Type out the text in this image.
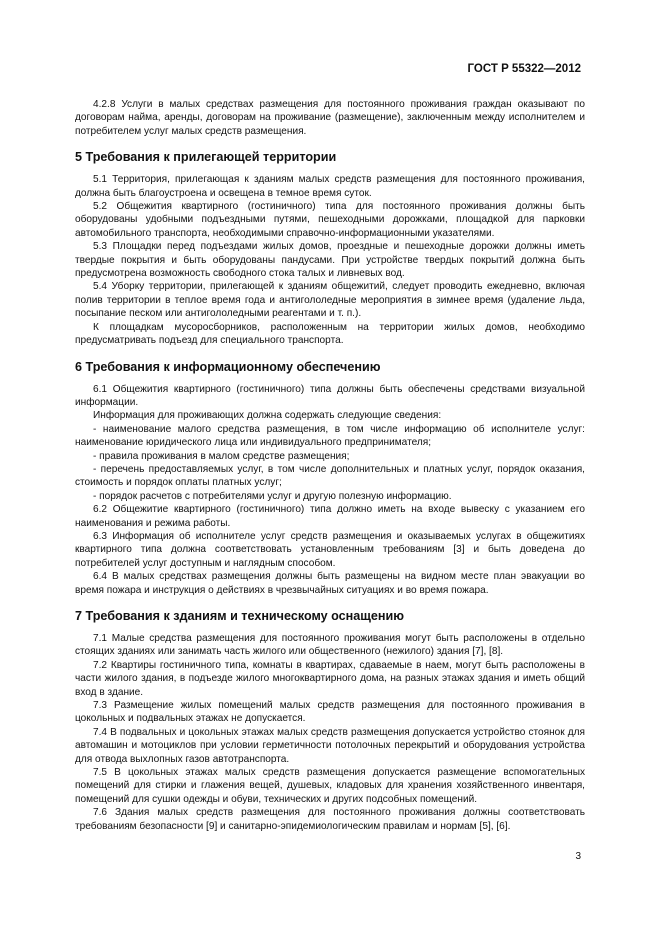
ГОСТ Р 55322—2012

4.2.8 Услуги в малых средствах размещения для постоянного проживания граждан оказывают по договорам найма, аренды, договорам на проживание (размещение), заключенным между исполнителем и потребителем услуг малых средств размещения.

5 Требования к прилегающей территории

5.1 Территория, прилегающая к зданиям малых средств размещения для постоянного проживания, должна быть благоустроена и освещена в темное время суток.

5.2 Общежития квартирного (гостиничного) типа для постоянного проживания должны быть оборудованы удобными подъездными путями, пешеходными дорожками, площадкой для парковки автомобильного транспорта, необходимыми справочно-информационными указателями.

5.3 Площадки перед подъездами жилых домов, проездные и пешеходные дорожки должны иметь твердые покрытия и быть оборудованы пандусами. При устройстве твердых покрытий должна быть предусмотрена возможность свободного стока талых и ливневых вод.

5.4 Уборку территории, прилегающей к зданиям общежитий, следует проводить ежедневно, включая полив территории в теплое время года и антигололедные мероприятия в зимнее время (удаление льда, посыпание песком или антигололедными реагентами и т. п.).

К площадкам мусоросборников, расположенным на территории жилых домов, необходимо предусматривать подъезд для специального транспорта.

6 Требования к информационному обеспечению

6.1 Общежития квартирного (гостиничного) типа должны быть обеспечены средствами визуальной информации.

Информация для проживающих должна содержать следующие сведения:

- наименование малого средства размещения, в том числе информацию об исполнителе услуг: наименование юридического лица или индивидуального предпринимателя;

- правила проживания в малом средстве размещения;

- перечень предоставляемых услуг, в том числе дополнительных и платных услуг, порядок оказания, стоимость и порядок оплаты платных услуг;

- порядок расчетов с потребителями услуг и другую полезную информацию.

6.2 Общежитие квартирного (гостиничного) типа должно иметь на входе вывеску с указанием его наименования и режима работы.

6.3 Информация об исполнителе услуг средств размещения и оказываемых услугах в общежитиях квартирного типа должна соответствовать установленным требованиям [3] и быть доведена до потребителей услуг доступным и наглядным способом.

6.4 В малых средствах размещения должны быть размещены на видном месте план эвакуации во время пожара и инструкция о действиях в чрезвычайных ситуациях и во время пожара.

7 Требования к зданиям и техническому оснащению

7.1 Малые средства размещения для постоянного проживания могут быть расположены в отдельно стоящих зданиях или занимать часть жилого или общественного (нежилого) здания [7], [8].

7.2 Квартиры гостиничного типа, комнаты в квартирах, сдаваемые в наем, могут быть расположены в части жилого здания, в подъезде жилого многоквартирного дома, на разных этажах здания и иметь общий вход в здание.

7.3 Размещение жилых помещений малых средств размещения для постоянного проживания в цокольных и подвальных этажах не допускается.

7.4 В подвальных и цокольных этажах малых средств размещения допускается устройство стоянок для автомашин и мотоциклов при условии герметичности потолочных перекрытий и оборудования устройства для отвода выхлопных газов автотранспорта.

7.5 В цокольных этажах малых средств размещения допускается размещение вспомогательных помещений для стирки и глажения вещей, душевых, кладовых для хранения хозяйственного инвентаря, помещений для сушки одежды и обуви, технических и других подсобных помещений.

7.6 Здания малых средств размещения для постоянного проживания должны соответствовать требованиям безопасности [9] и санитарно-эпидемиологическим правилам и нормам [5], [6].

3
